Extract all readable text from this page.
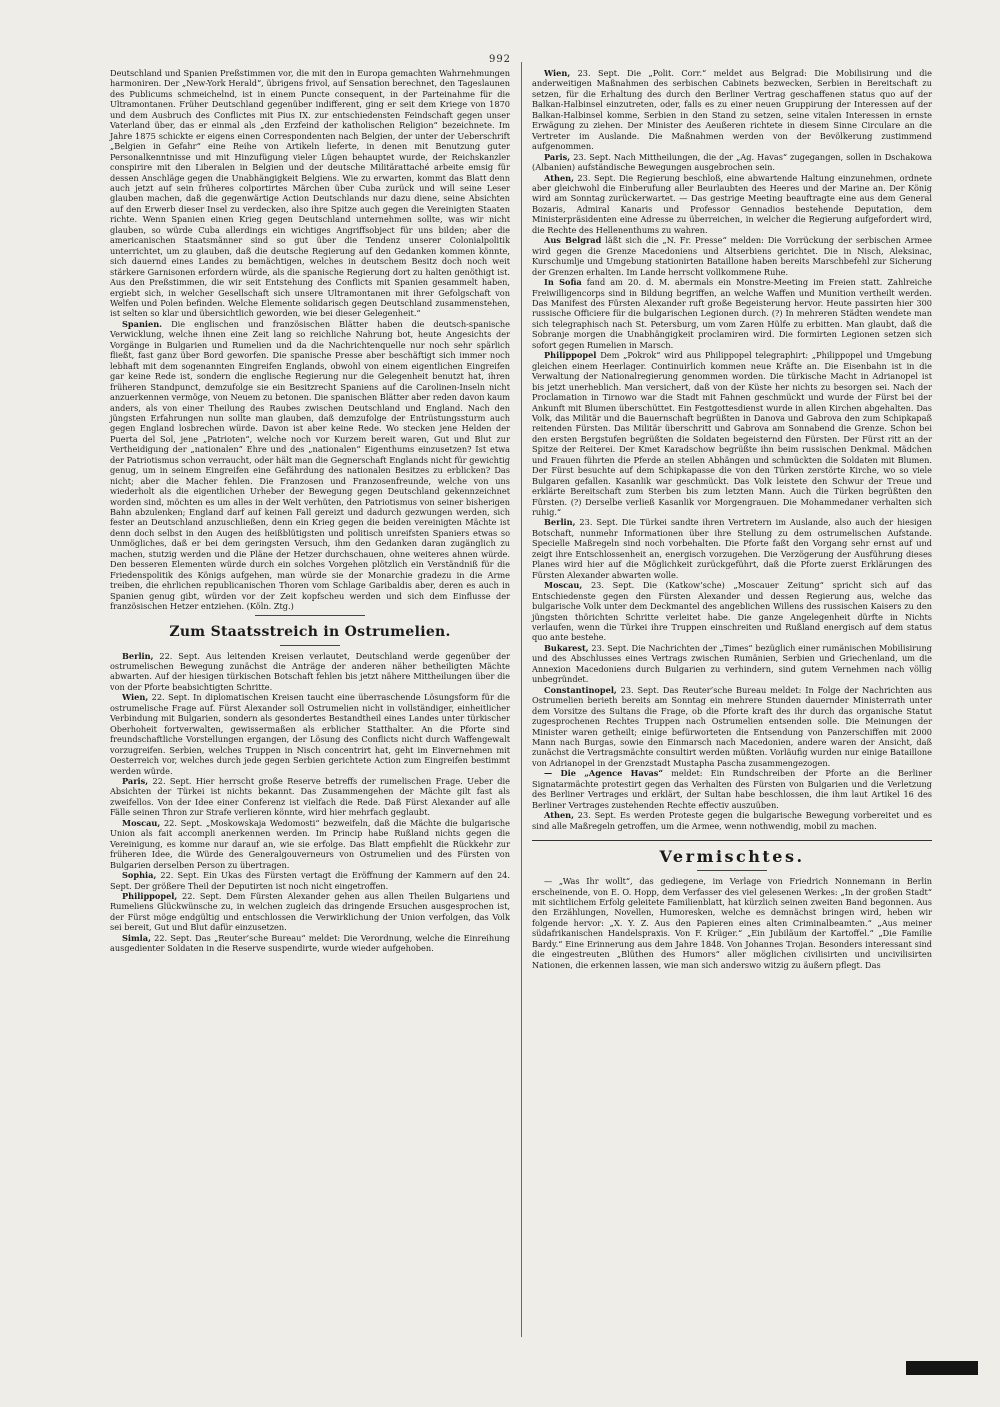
992

Deutschland und Spanien Preßstimmen vor, die mit den in Europa gemachten Wahrnehmungen harmoniren. Der „New-York Herald“, übrigens frivol, auf Sensation berechnet, den Tageslaunen des Publicums schmeichelnd, ist in einem Puncte consequent, in der Parteinahme für die Ultramontanen. Früher Deutschland gegenüber indifferent, ging er seit dem Kriege von 1870 und dem Ausbruch des Conflictes mit Pius IX. zur entschiedensten Feindschaft gegen unser Vaterland über, das er einmal als „den Erzfeind der katholischen Religion“ bezeichnete. Im Jahre 1875 schickte er eigens einen Correspondenten nach Belgien, der unter der Ueberschrift „Belgien in Gefahr“ eine Reihe von Artikeln lieferte, in denen mit Benutzung guter Personalkenntnisse und mit Hinzufügung vieler Lügen behauptet wurde, der Reichskanzler conspirire mit den Liberalen in Belgien und der deutsche Militärattaché arbeite emsig für dessen Anschläge gegen die Unabhängigkeit Belgiens. Wie zu erwarten, kommt das Blatt denn auch jetzt auf sein früheres colportirtes Märchen über Cuba zurück und will seine Leser glauben machen, daß die gegenwärtige Action Deutschlands nur dazu diene, seine Absichten auf den Erwerb dieser Insel zu verdecken, also ihre Spitze auch gegen die Vereinigten Staaten richte. Wenn Spanien einen Krieg gegen Deutschland unternehmen sollte, was wir nicht glauben, so würde Cuba allerdings ein wichtiges Angriffsobject für uns bilden; aber die americanischen Staatsmänner sind so gut über die Tendenz unserer Colonialpolitik unterrichtet, um zu glauben, daß die deutsche Regierung auf den Gedanken kommen könnte, sich dauernd eines Landes zu bemächtigen, welches in deutschem Besitz doch noch weit stärkere Garnisonen erfordern würde, als die spanische Regierung dort zu halten genöthigt ist. Aus den Preßstimmen, die wir seit Entstehung des Conflicts mit Spanien gesammelt haben, ergiebt sich, in welcher Gesellschaft sich unsere Ultramontanen mit ihrer Gefolgschaft von Welfen und Polen befinden. Welche Elemente solidarisch gegen Deutschland zusammenstehen, ist selten so klar und übersichtlich geworden, wie bei dieser Gelegenheit.“

Spanien. Die englischen und französischen Blätter haben die deutsch-spanische Verwicklung, welche ihnen eine Zeit lang so reichliche Nahrung bot, heute Angesichts der Vorgänge in Bulgarien und Rumelien und da die Nachrichtenquelle nur noch sehr spärlich fließt, fast ganz über Bord geworfen. Die spanische Presse aber beschäftigt sich immer noch lebhaft mit dem sogenannten Eingreifen Englands, obwohl von einem eigentlichen Eingreifen gar keine Rede ist, sondern die englische Regierung nur die Gelegenheit benutzt hat, ihren früheren Standpunct, demzufolge sie ein Besitzrecht Spaniens auf die Carolinen-Inseln nicht anzuerkennen vermöge, von Neuem zu betonen. Die spanischen Blätter aber reden davon kaum anders, als von einer Theilung des Raubes zwischen Deutschland und England. Nach den jüngsten Erfahrungen nun sollte man glauben, daß demzufolge der Entrüstungssturm auch gegen England losbrechen würde. Davon ist aber keine Rede. Wo stecken jene Helden der Puerta del Sol, jene „Patrioten“, welche noch vor Kurzem bereit waren, Gut und Blut zur Vertheidigung der „nationalen“ Ehre und des „nationalen“ Eigenthums einzusetzen? Ist etwa der Patriotismus schon verraucht, oder hält man die Gegnerschaft Englands nicht für gewichtig genug, um in seinem Eingreifen eine Gefährdung des nationalen Besitzes zu erblicken? Das nicht; aber die Macher fehlen. Die Franzosen und Franzosenfreunde, welche von uns wiederholt als die eigentlichen Urheber der Bewegung gegen Deutschland gekennzeichnet worden sind, möchten es um alles in der Welt verhüten, den Patriotismus von seiner bisherigen Bahn abzulenken; England darf auf keinen Fall gereizt und dadurch gezwungen werden, sich fester an Deutschland anzuschließen, denn ein Krieg gegen die beiden vereinigten Mächte ist denn doch selbst in den Augen des heißblütigsten und politisch unreifsten Spaniers etwas so Unmögliches, daß er bei dem geringsten Versuch, ihm den Gedanken daran zugänglich zu machen, stutzig werden und die Pläne der Hetzer durchschauen, ohne weiteres ahnen würde. Den besseren Elementen würde durch ein solches Vorgehen plötzlich ein Verständniß für die Friedenspolitik des Königs aufgehen, man würde sie der Monarchie gradezu in die Arme treiben, die ehrlichen republicanischen Thoren vom Schlage Garibaldis aber, deren es auch in Spanien genug gibt, würden vor der Zeit kopfscheu werden und sich dem Einflusse der französischen Hetzer entziehen. (Köln. Ztg.)

Zum Staatsstreich in Ostrumelien.

Berlin, 22. Sept. Aus leitenden Kreisen verlautet, Deutschland werde gegenüber der ostrumelischen Bewegung zunächst die Anträge der anderen näher betheiligten Mächte abwarten. Auf der hiesigen türkischen Botschaft fehlen bis jetzt nähere Mittheilungen über die von der Pforte beabsichtigten Schritte.

Wien, 22. Sept. In diplomatischen Kreisen taucht eine überraschende Lösungsform für die ostrumelische Frage auf. Fürst Alexander soll Ostrumelien nicht in vollständiger, einheitlicher Verbindung mit Bulgarien, sondern als gesondertes Bestandtheil eines Landes unter türkischer Oberhoheit fortverwalten, gewissermaßen als erblicher Statthalter. An die Pforte sind freundschaftliche Vorstellungen ergangen, der Lösung des Conflicts nicht durch Waffengewalt vorzugreifen. Serbien, welches Truppen in Nisch concentrirt hat, geht im Einvernehmen mit Oesterreich vor, welches durch jede gegen Serbien gerichtete Action zum Eingreifen bestimmt werden würde.

Paris, 22. Sept. Hier herrscht große Reserve betreffs der rumelischen Frage. Ueber die Absichten der Türkei ist nichts bekannt. Das Zusammengehen der Mächte gilt fast als zweifellos. Von der Idee einer Conferenz ist vielfach die Rede. Daß Fürst Alexander auf alle Fälle seinen Thron zur Strafe verlieren könnte, wird hier mehrfach geglaubt.

Moscau, 22. Sept. „Moskowskaja Wedomosti“ bezweifeln, daß die Mächte die bulgarische Union als fait accompli anerkennen werden. Im Princip habe Rußland nichts gegen die Vereinigung, es komme nur darauf an, wie sie erfolge. Das Blatt empfiehlt die Rückkehr zur früheren Idee, die Würde des Generalgouverneurs von Ostrumelien und des Fürsten von Bulgarien derselben Person zu übertragen.

Sophia, 22. Sept. Ein Ukas des Fürsten vertagt die Eröffnung der Kammern auf den 24. Sept. Der größere Theil der Deputirten ist noch nicht eingetroffen.

Philippopel, 22. Sept. Dem Fürsten Alexander gehen aus allen Theilen Bulgariens und Rumeliens Glückwünsche zu, in welchen zugleich das dringende Ersuchen ausgesprochen ist, der Fürst möge endgültig und entschlossen die Verwirklichung der Union verfolgen, das Volk sei bereit, Gut und Blut dafür einzusetzen.

Simla, 22. Sept. Das „Reuter’sche Bureau“ meldet: Die Verordnung, welche die Einreihung ausgedienter Soldaten in die Reserve suspendirte, wurde wieder aufgehoben.

Wien, 23. Sept. Die „Polit. Corr.“ meldet aus Belgrad: Die Mobilisirung und die anderweitigen Maßnahmen des serbischen Cabinets bezwecken, Serbien in Bereitschaft zu setzen, für die Erhaltung des durch den Berliner Vertrag geschaffenen status quo auf der Balkan-Halbinsel einzutreten, oder, falls es zu einer neuen Gruppirung der Interessen auf der Balkan-Halbinsel komme, Serbien in den Stand zu setzen, seine vitalen Interessen in ernste Erwägung zu ziehen. Der Minister des Aeußeren richtete in diesem Sinne Circulare an die Vertreter im Auslande. Die Maßnahmen werden von der Bevölkerung zustimmend aufgenommen.

Paris, 23. Sept. Nach Mittheilungen, die der „Ag. Havas“ zugegangen, sollen in Dschakowa (Albanien) aufständische Bewegungen ausgebrochen sein.

Athen, 23. Sept. Die Regierung beschloß, eine abwartende Haltung einzunehmen, ordnete aber gleichwohl die Einberufung aller Beurlaubten des Heeres und der Marine an. Der König wird am Sonntag zurückerwartet. — Das gestrige Meeting beauftragte eine aus dem General Bozaris, Admiral Kanaris und Professor Gennadios bestehende Deputation, dem Ministerpräsidenten eine Adresse zu überreichen, in welcher die Regierung aufgefordert wird, die Rechte des Hellenenthums zu wahren.

Aus Belgrad läßt sich die „N. Fr. Presse“ melden: Die Vorrückung der serbischen Armee wird gegen die Grenze Macedoniens und Altserbiens gerichtet. Die in Nisch, Aleksinac, Kurschumlje und Umgebung stationirten Bataillone haben bereits Marschbefehl zur Sicherung der Grenzen erhalten. Im Lande herrscht vollkommene Ruhe.

In Sofia fand am 20. d. M. abermals ein Monstre-Meeting im Freien statt. Zahlreiche Freiwilligencorps sind in Bildung begriffen, an welche Waffen und Munition vertheilt werden. Das Manifest des Fürsten Alexander ruft große Begeisterung hervor. Heute passirten hier 300 russische Officiere für die bulgarischen Legionen durch. (?) In mehreren Städten wendete man sich telegraphisch nach St. Petersburg, um vom Zaren Hülfe zu erbitten. Man glaubt, daß die Sobranje morgen die Unabhängigkeit proclamiren wird. Die formirten Legionen setzen sich sofort gegen Rumelien in Marsch.

Philippopel Dem „Pokrok“ wird aus Philippopel telegraphirt: „Philippopel und Umgebung gleichen einem Heerlager. Continuirlich kommen neue Kräfte an. Die Eisenbahn ist in die Verwaltung der Nationalregierung genommen worden. Die türkische Macht in Adrianopel ist bis jetzt unerheblich. Man versichert, daß von der Küste her nichts zu besorgen sei. Nach der Proclamation in Tirnowo war die Stadt mit Fahnen geschmückt und wurde der Fürst bei der Ankunft mit Blumen überschüttet. Ein Festgottesdienst wurde in allen Kirchen abgehalten. Das Volk, das Militär und die Bauernschaft begrüßten in Danova und Gabrova den zum Schipkapaß reitenden Fürsten. Das Militär überschritt und Gabrova am Sonnabend die Grenze. Schon bei den ersten Bergstufen begrüßten die Soldaten begeisternd den Fürsten. Der Fürst ritt an der Spitze der Reiterei. Der Kmet Karadschow begrüßte ihn beim russischen Denkmal. Mädchen und Frauen führten die Pferde an steilen Abhängen und schmückten die Soldaten mit Blumen. Der Fürst besuchte auf dem Schipkapasse die von den Türken zerstörte Kirche, wo so viele Bulgaren gefallen. Kasanlik war geschmückt. Das Volk leistete den Schwur der Treue und erklärte Bereitschaft zum Sterben bis zum letzten Mann. Auch die Türken begrüßten den Fürsten. (?) Derselbe verließ Kasanlik vor Morgengrauen. Die Mohammedaner verhalten sich ruhig.“

Berlin, 23. Sept. Die Türkei sandte ihren Vertretern im Auslande, also auch der hiesigen Botschaft, nunmehr Informationen über ihre Stellung zu dem ostrumelischen Aufstande. Specielle Maßregeln sind noch vorbehalten. Die Pforte faßt den Vorgang sehr ernst auf und zeigt ihre Entschlossenheit an, energisch vorzugehen. Die Verzögerung der Ausführung dieses Planes wird hier auf die Möglichkeit zurückgeführt, daß die Pforte zuerst Erklärungen des Fürsten Alexander abwarten wolle.

Moscau, 23. Sept. Die (Katkow’sche) „Moscauer Zeitung“ spricht sich auf das Entschiedenste gegen den Fürsten Alexander und dessen Regierung aus, welche das bulgarische Volk unter dem Deckmantel des angeblichen Willens des russischen Kaisers zu den jüngsten thörichten Schritte verleitet habe. Die ganze Angelegenheit dürfte in Nichts verlaufen, wenn die Türkei ihre Truppen einschreiten und Rußland energisch auf dem status quo ante bestehe.

Bukarest, 23. Sept. Die Nachrichten der „Times“ bezüglich einer rumänischen Mobilisirung und des Abschlusses eines Vertrags zwischen Rumänien, Serbien und Griechenland, um die Annexion Macedoniens durch Bulgarien zu verhindern, sind gutem Vernehmen nach völlig unbegründet.

Constantinopel, 23. Sept. Das Reuter’sche Bureau meldet: In Folge der Nachrichten aus Ostrumelien berieth bereits am Sonntag ein mehrere Stunden dauernder Ministerrath unter dem Vorsitze des Sultans die Frage, ob die Pforte kraft des ihr durch das organische Statut zugesprochenen Rechtes Truppen nach Ostrumelien entsenden solle. Die Meinungen der Minister waren getheilt; einige befürworteten die Entsendung von Panzerschiffen mit 2000 Mann nach Burgas, sowie den Einmarsch nach Macedonien, andere waren der Ansicht, daß zunächst die Vertragsmächte consultirt werden müßten. Vorläufig wurden nur einige Bataillone von Adrianopel in der Grenzstadt Mustapha Pascha zusammengezogen.

— Die „Agence Havas“ meldet: Ein Rundschreiben der Pforte an die Berliner Signatarmächte protestirt gegen das Verhalten des Fürsten von Bulgarien und die Verletzung des Berliner Vertrages und erklärt, der Sultan habe beschlossen, die ihm laut Artikel 16 des Berliner Vertrages zustehenden Rechte effectiv auszuüben.

Athen, 23. Sept. Es werden Proteste gegen die bulgarische Bewegung vorbereitet und es sind alle Maßregeln getroffen, um die Armee, wenn nothwendig, mobil zu machen.

Vermischtes.

— „Was Ihr wollt“, das gediegene, im Verlage von Friedrich Nonnemann in Berlin erscheinende, von E. O. Hopp, dem Verfasser des viel gelesenen Werkes: „In der großen Stadt“ mit sichtlichem Erfolg geleitete Familienblatt, hat kürzlich seinen zweiten Band begonnen. Aus den Erzählungen, Novellen, Humoresken, welche es demnächst bringen wird, heben wir folgende hervor: „X. Y. Z. Aus den Papieren eines alten Criminalbeamten.“ „Aus meiner südafrikanischen Handelspraxis. Von F. Krüger.“ „Ein Jubiläum der Kartoffel.“ „Die Familie Bardy.“ Eine Erinnerung aus dem Jahre 1848. Von Johannes Trojan. Besonders interessant sind die eingestreuten „Blüthen des Humors“ aller möglichen civilisirten und uncivilisirten Nationen, die erkennen lassen, wie man sich anderswo witzig zu äußern pflegt. Das
